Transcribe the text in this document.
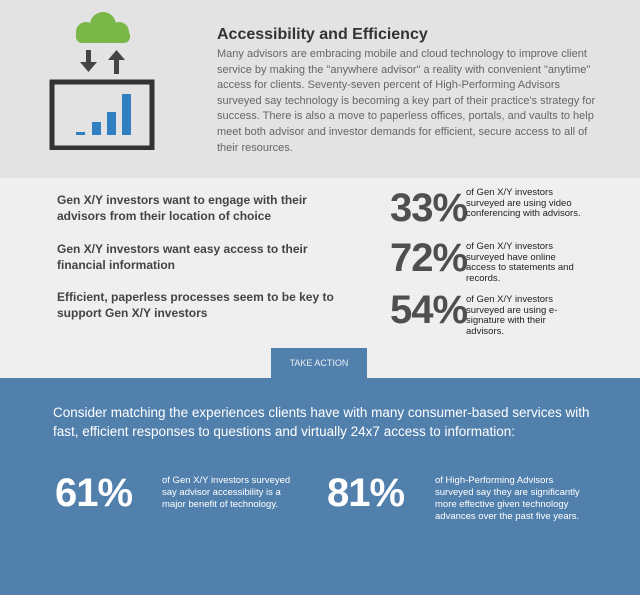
Accessibility and Efficiency
Many advisors are embracing mobile and cloud technology to improve client service by making the "anywhere advisor" a reality with convenient "anytime" access for clients. Seventy-seven percent of High-Performing Advisors surveyed say technology is becoming a key part of their practice's strategy for success. There is also a move to paperless offices, portals, and vaults to help meet both advisor and investor demands for efficient, secure access to all of their resources.
Gen X/Y investors want to engage with their advisors from their location of choice	33%
of Gen X/Y investors surveyed are using video conferencing with advisors.
Gen X/Y investors want easy access to their financial information	72%
of Gen X/Y investors surveyed have online access to statements and records.
Efficient, paperless processes seem to be key to support Gen X/Y investors	54%
of Gen X/Y investors surveyed are using e-signature with their advisors.
TAKE ACTION
Consider matching the experiences clients have with many consumer-based services with fast, efficient responses to questions and virtually 24x7 access to information:
61%	of Gen X/Y investors surveyed say advisor accessibility is a major benefit of technology.	81%	of High-Performing Advisors surveyed say they are significantly more effective given technology advances over the past five years.
